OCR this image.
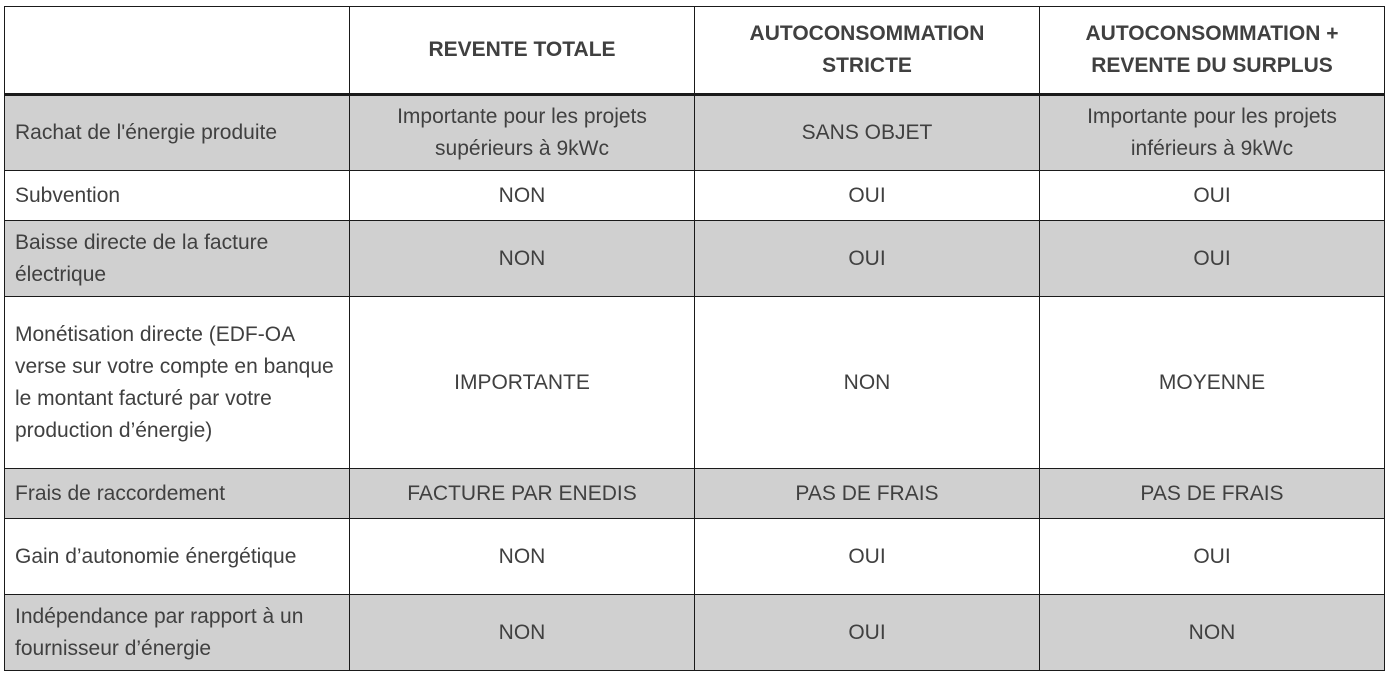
	REVENTE TOTALE	AUTOCONSOMMATION STRICTE	AUTOCONSOMMATION + REVENTE DU SURPLUS
Rachat de l'énergie produite	Importante pour les projets supérieurs à 9kWc	SANS OBJET	Importante pour les projets inférieurs à 9kWc
Subvention	NON	OUI	OUI
Baisse directe de la facture électrique	NON	OUI	OUI
Monétisation directe (EDF-OA verse sur votre compte en banque le montant facturé par votre production d’énergie)	IMPORTANTE	NON	MOYENNE
Frais de raccordement	FACTURE PAR ENEDIS	PAS DE FRAIS	PAS DE FRAIS
Gain d’autonomie énergétique	NON	OUI	OUI
Indépendance par rapport à un fournisseur d’énergie	NON	OUI	NON
